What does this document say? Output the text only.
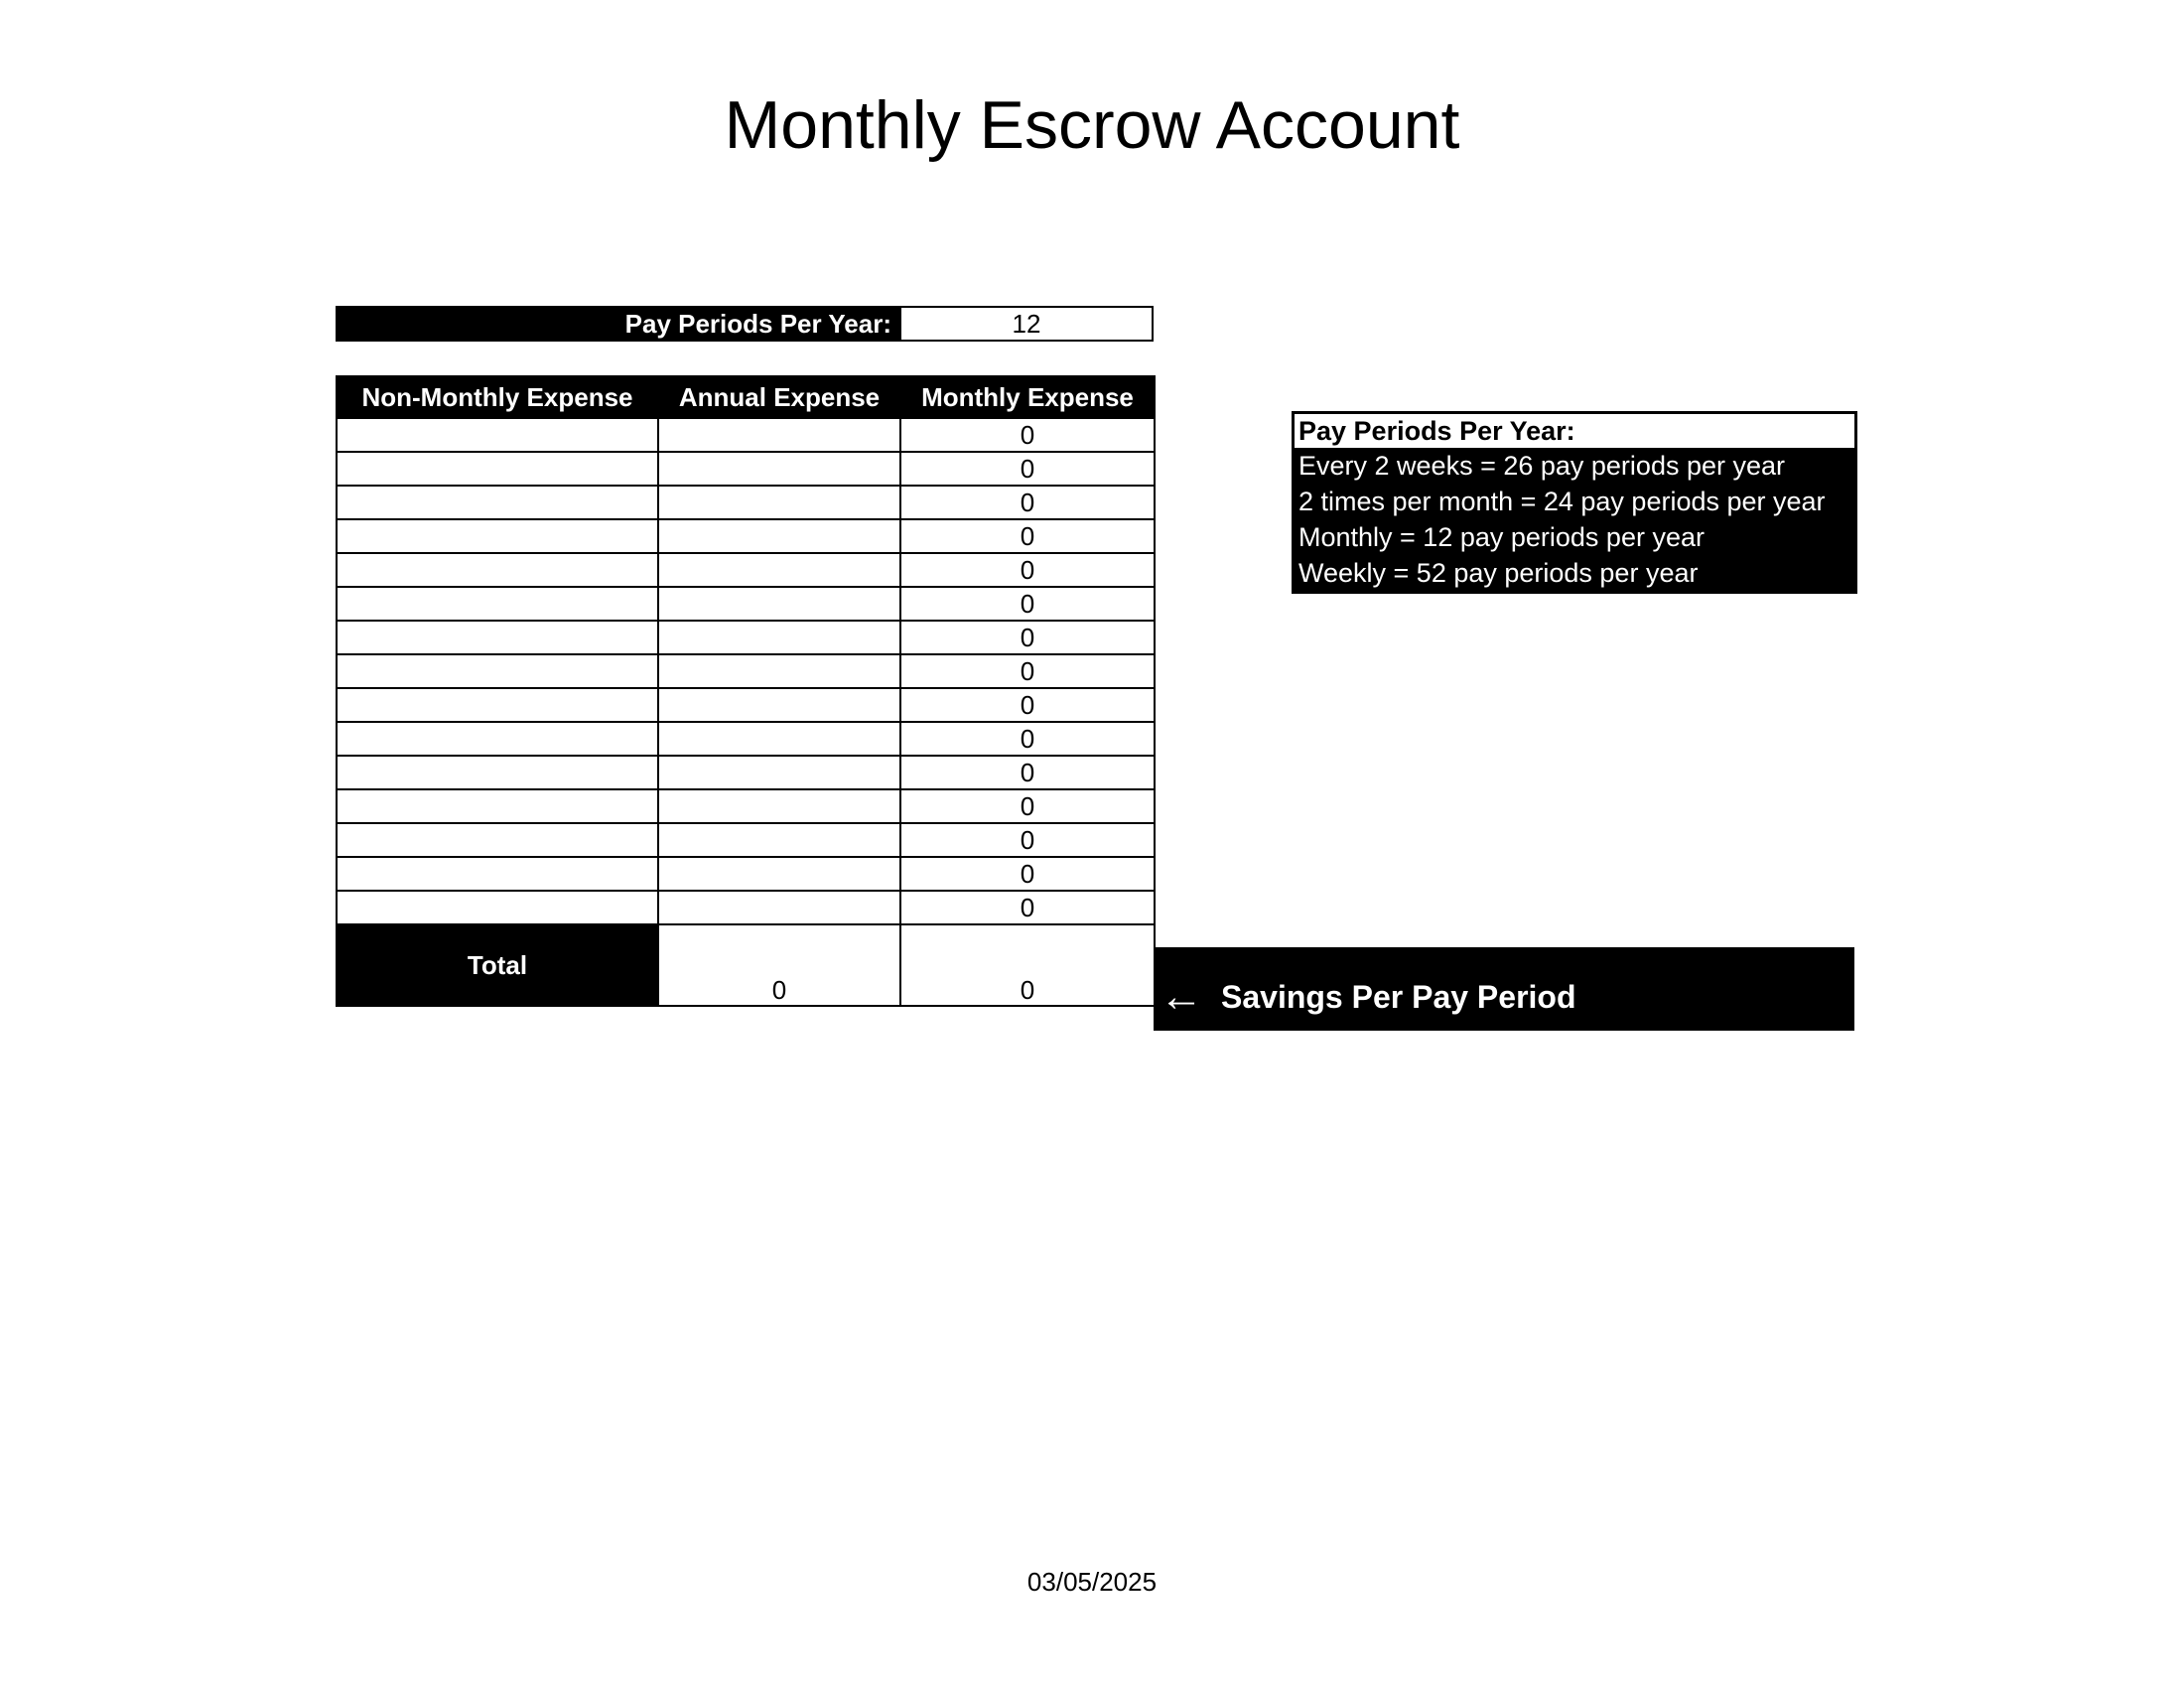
Monthly Escrow Account
Pay Periods Per Year:	12
Non-Monthly Expense	Annual Expense	Monthly Expense
		0
		0
		0
		0
		0
		0
		0
		0
		0
		0
		0
		0
		0
		0
		0
Total	0	0	← Savings Per Pay Period
Pay Periods Per Year:
Every 2 weeks = 26 pay periods per year
2 times per month = 24 pay periods per year
Monthly = 12 pay periods per year
Weekly = 52 pay periods per year
03/05/2025
